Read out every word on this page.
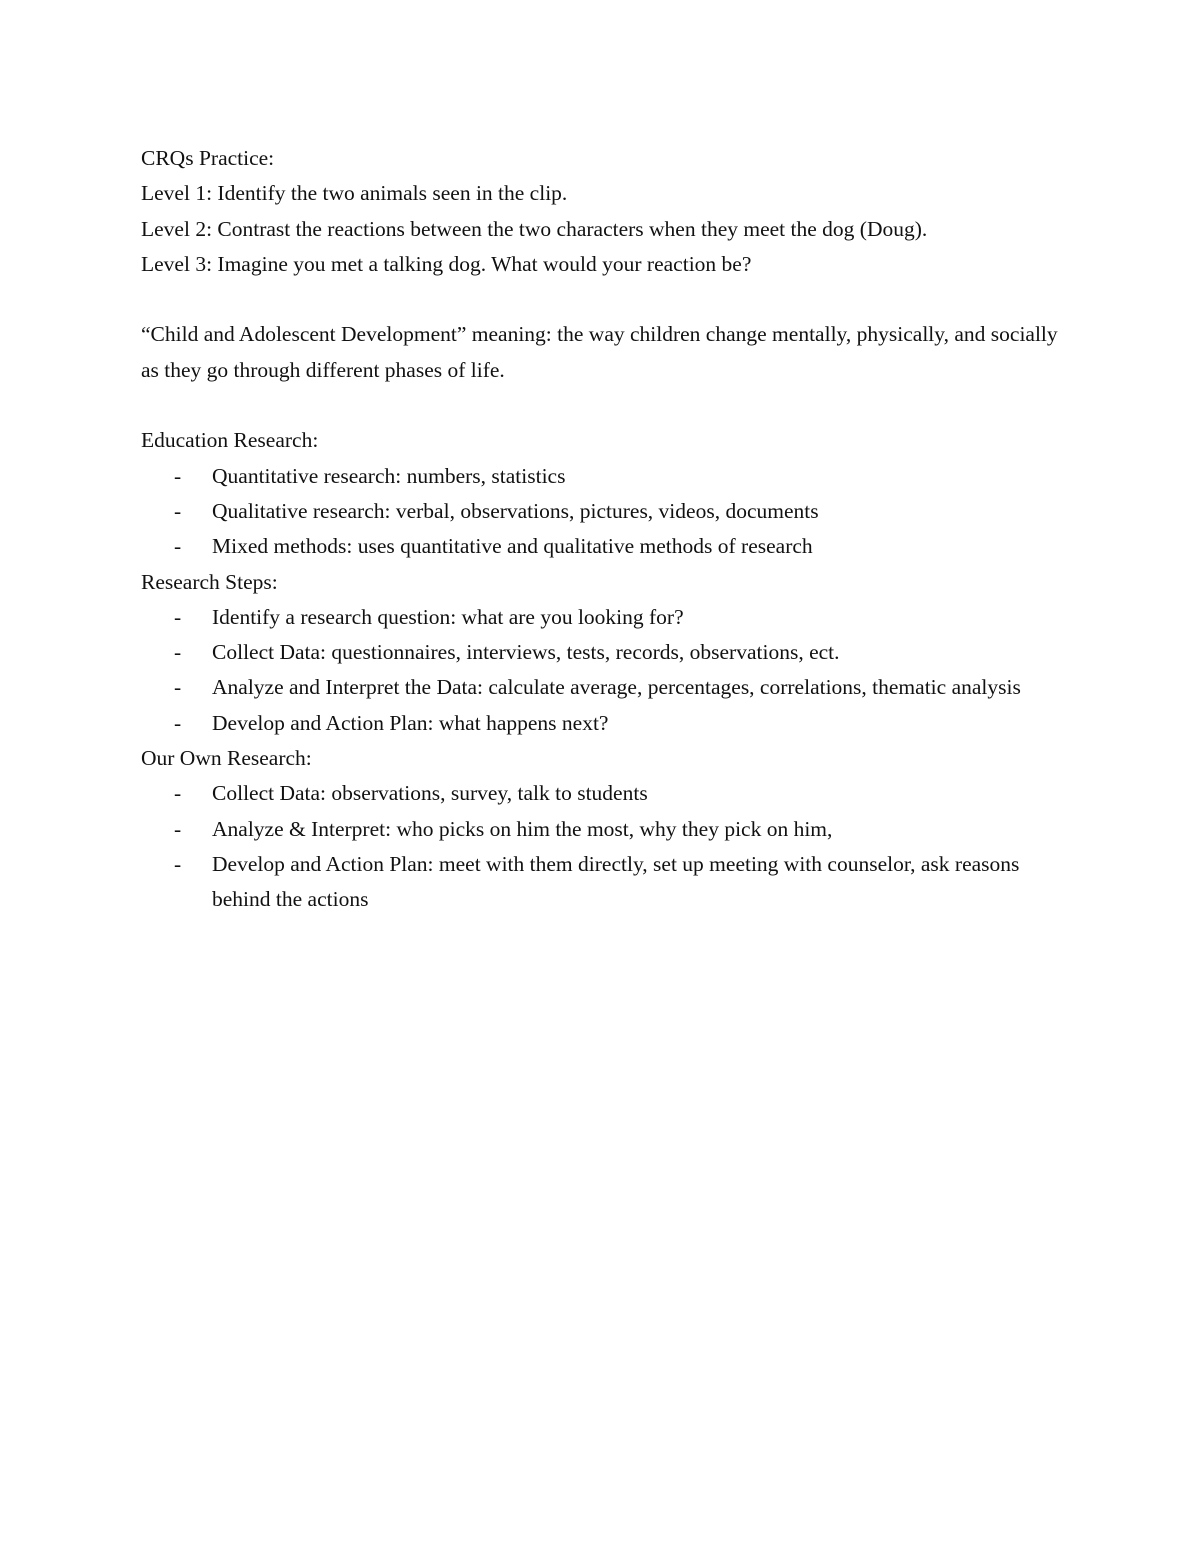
CRQs Practice:

Level 1: Identify the two animals seen in the clip.

Level 2: Contrast the reactions between the two characters when they meet the dog (Doug).

Level 3: Imagine you met a talking dog. What would your reaction be?

“Child and Adolescent Development” meaning: the way children change mentally, physically, and socially as they go through different phases of life.

Education Research:

- Quantitative research: numbers, statistics
- Qualitative research: verbal, observations, pictures, videos, documents
- Mixed methods: uses quantitative and qualitative methods of research

Research Steps:

- Identify a research question: what are you looking for?
- Collect Data: questionnaires, interviews, tests, records, observations, ect.
- Analyze and Interpret the Data: calculate average, percentages, correlations, thematic analysis
- Develop and Action Plan: what happens next?

Our Own Research:

- Collect Data: observations, survey, talk to students
- Analyze & Interpret: who picks on him the most, why they pick on him,
- Develop and Action Plan: meet with them directly, set up meeting with counselor, ask reasons behind the actions
